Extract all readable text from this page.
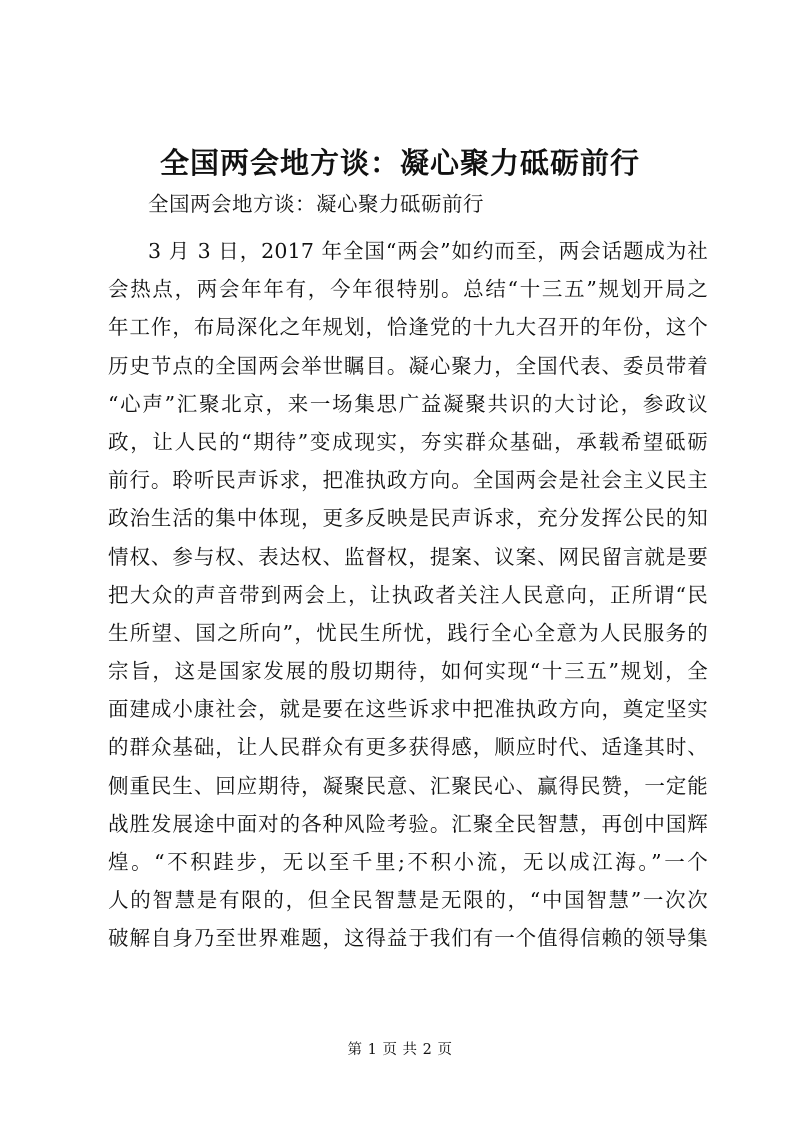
全国两会地方谈：凝心聚力砥砺前行

全国两会地方谈：凝心聚力砥砺前行

3 月 3 日，2017 年全国“两会”如约而至，两会话题成为社
会热点，两会年年有，今年很特别。总结“十三五”规划开局之
年工作，布局深化之年规划，恰逢党的十九大召开的年份，这个
历史节点的全国两会举世瞩目。凝心聚力，全国代表、委员带着
“心声”汇聚北京，来一场集思广益凝聚共识的大讨论，参政议
政，让人民的“期待”变成现实，夯实群众基础，承载希望砥砺
前行。聆听民声诉求，把准执政方向。全国两会是社会主义民主
政治生活的集中体现，更多反映是民声诉求，充分发挥公民的知
情权、参与权、表达权、监督权，提案、议案、网民留言就是要
把大众的声音带到两会上，让执政者关注人民意向，正所谓“民
生所望、国之所向”，忧民生所忧，践行全心全意为人民服务的
宗旨，这是国家发展的殷切期待，如何实现“十三五”规划，全
面建成小康社会，就是要在这些诉求中把准执政方向，奠定坚实
的群众基础，让人民群众有更多获得感，顺应时代、适逢其时、
侧重民生、回应期待，凝聚民意、汇聚民心、赢得民赞，一定能
战胜发展途中面对的各种风险考验。汇聚全民智慧，再创中国辉
煌。“不积跬步，无以至千里;不积小流，无以成江海。”一个
人的智慧是有限的，但全民智慧是无限的，“中国智慧”一次次
破解自身乃至世界难题，这得益于我们有一个值得信赖的领导集
第 1 页 共 2 页
